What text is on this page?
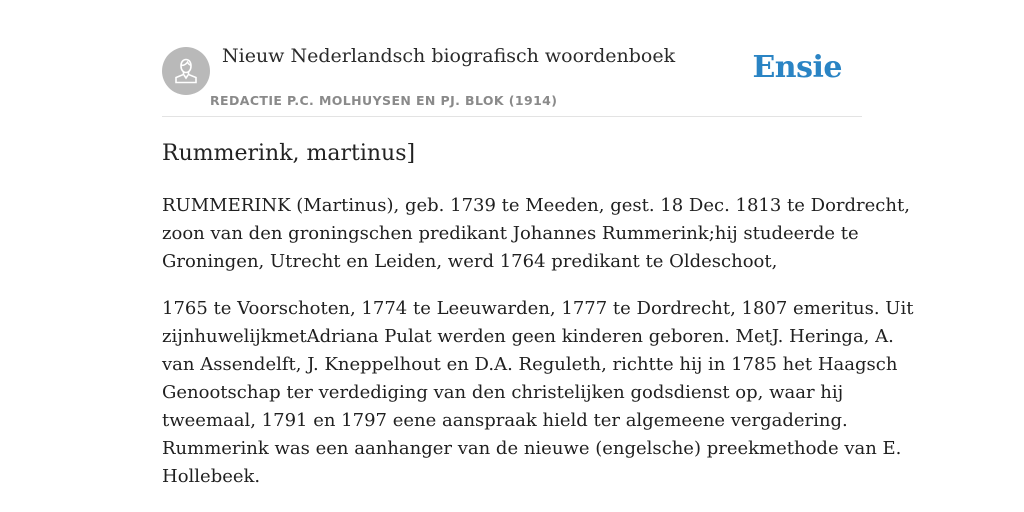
Nieuw Nederlandsch biografisch woordenboek
REDACTIE P.C. MOLHUYSEN EN PJ. BLOK (1914)
Ensie
Rummerink, martinus]

RUMMERINK (Martinus), geb. 1739 te Meeden, gest. 18 Dec. 1813 te Dordrecht,
zoon van den groningschen predikant Johannes Rummerink;hij studeerde te
Groningen, Utrecht en Leiden, werd 1764 predikant te Oldeschoot,

1765 te Voorschoten, 1774 te Leeuwarden, 1777 te Dordrecht, 1807 emeritus. Uit
zijnhuwelijkmetAdriana Pulat werden geen kinderen geboren. MetJ. Heringa, A.
van Assendelft, J. Kneppelhout en D.A. Reguleth, richtte hij in 1785 het Haagsch
Genootschap ter verdediging van den christelijken godsdienst op, waar hij
tweemaal, 1791 en 1797 eene aanspraak hield ter algemeene vergadering.
Rummerink was een aanhanger van de nieuwe (engelsche) preekmethode van E.
Hollebeek.
